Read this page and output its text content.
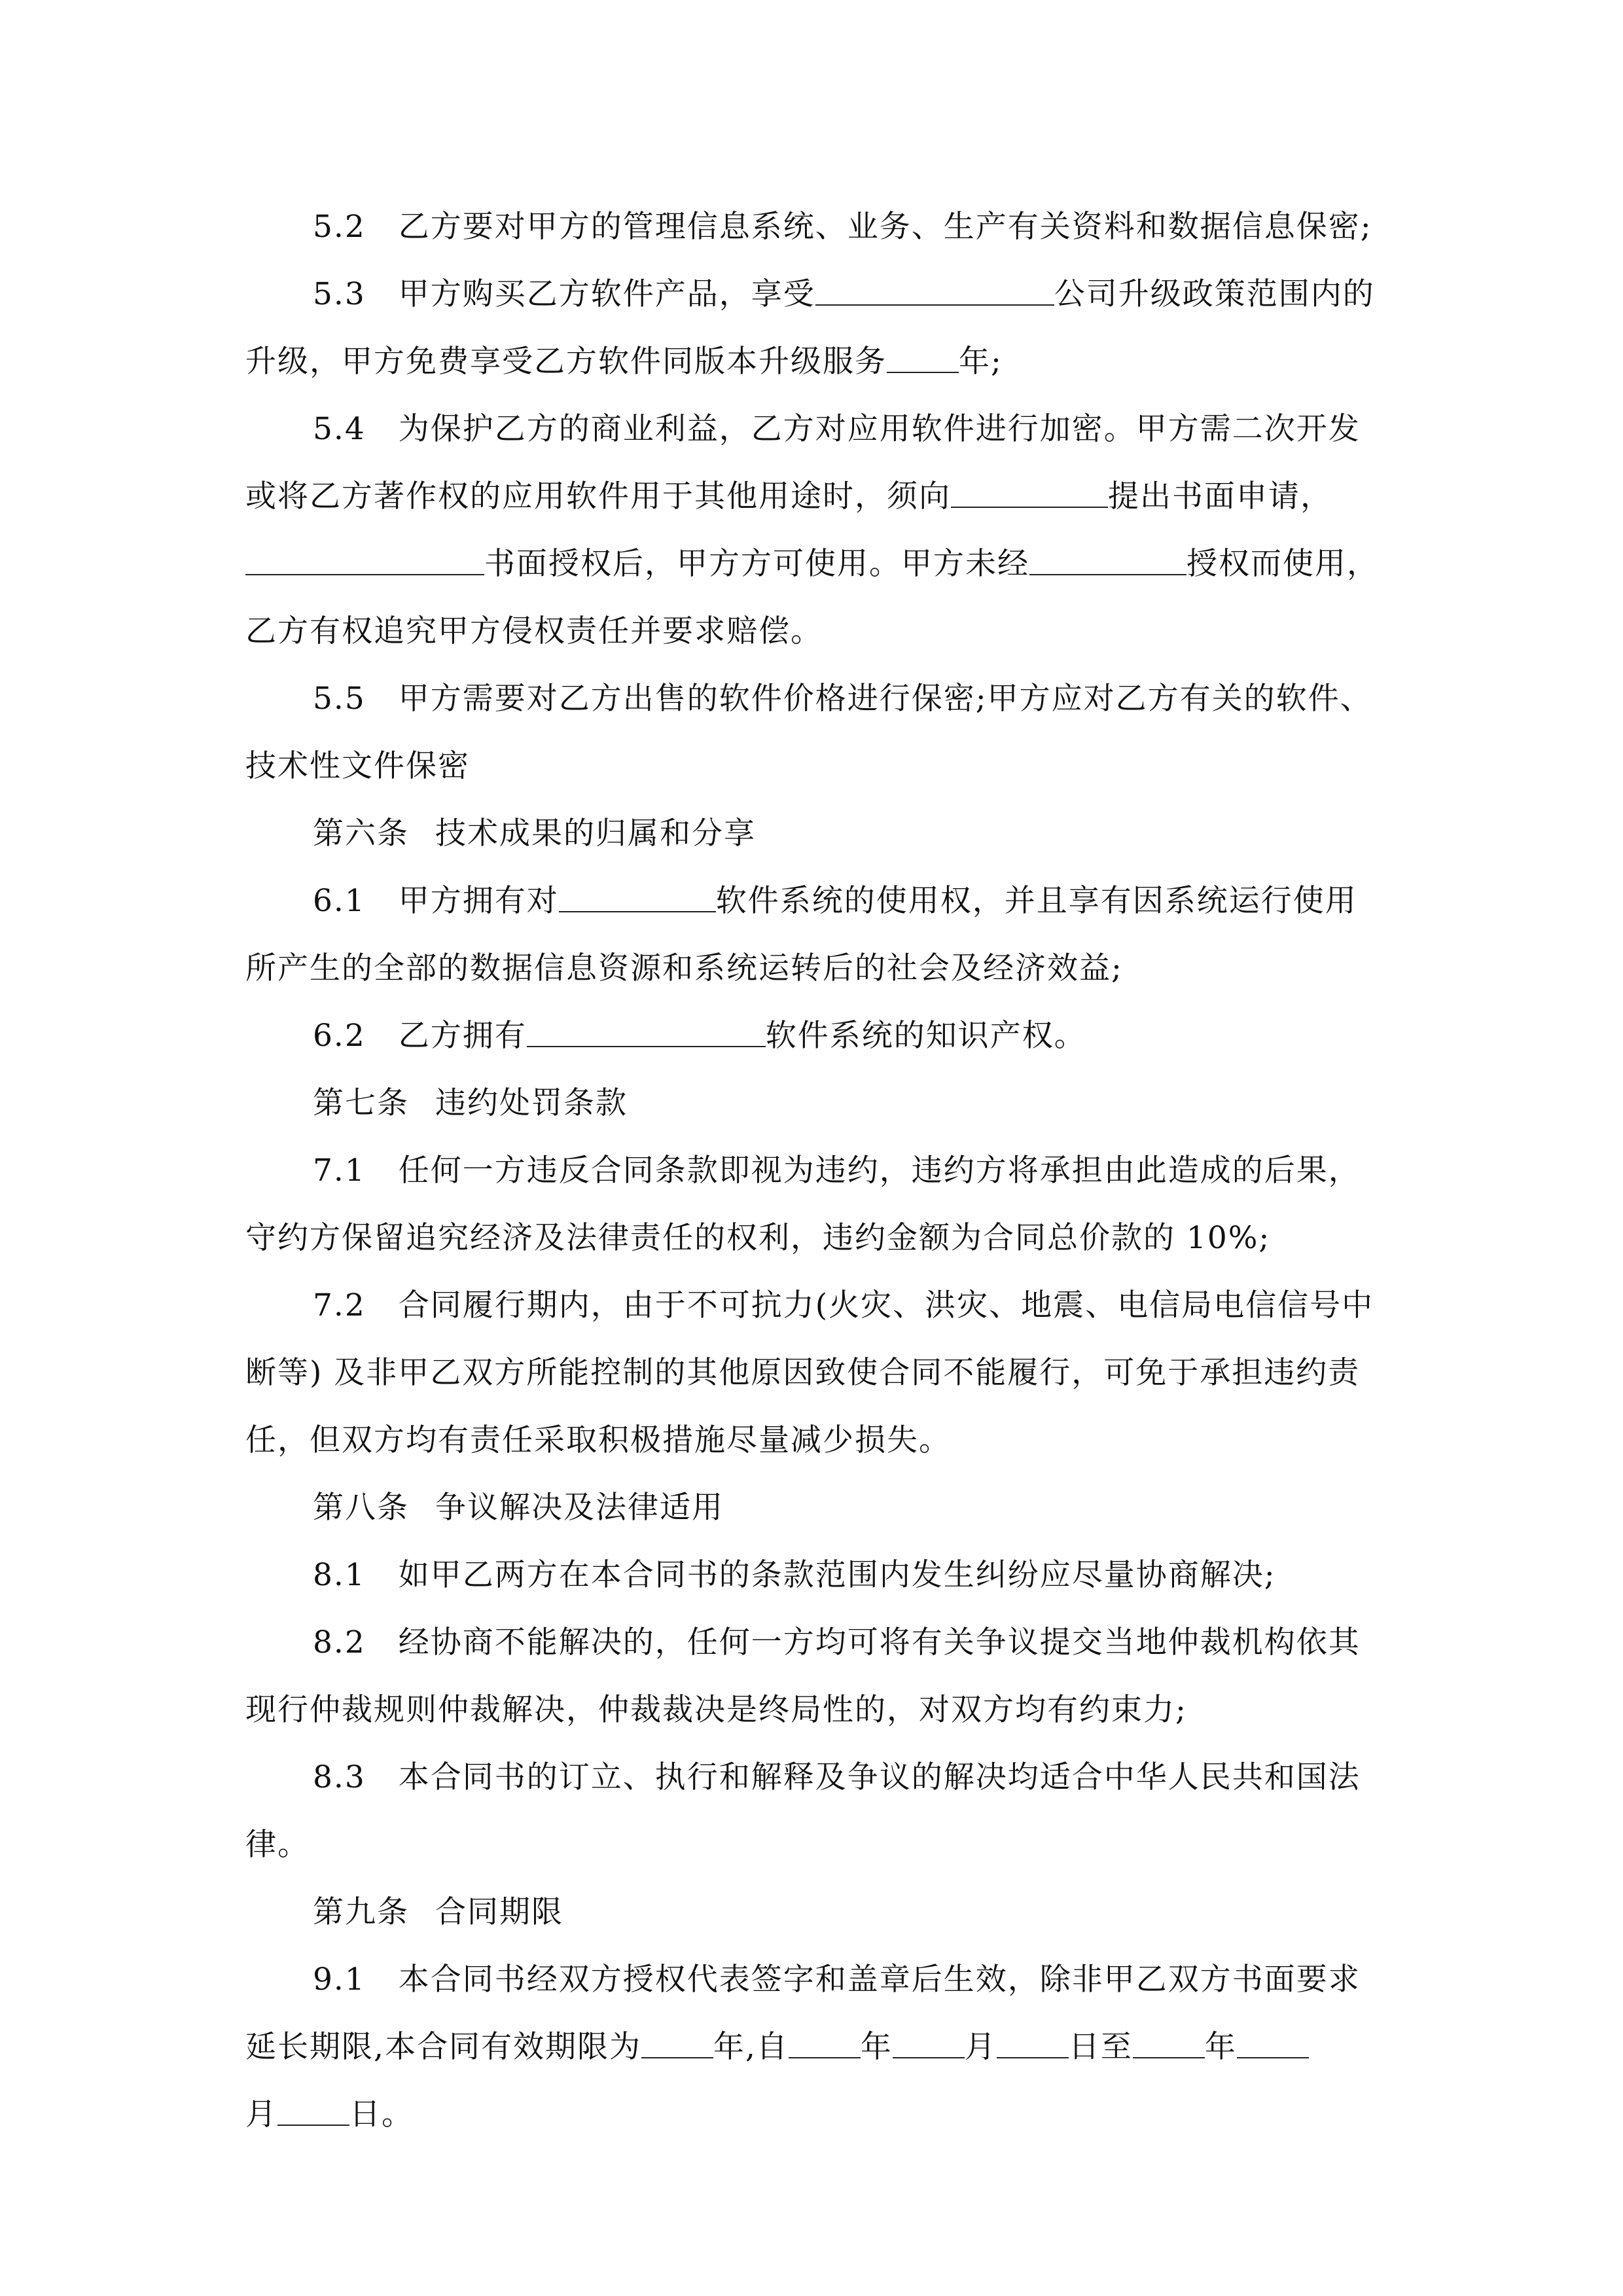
5.2 乙方要对甲方的管理信息系统、业务、生产有关资料和数据信息保密;
5.3 甲方购买乙方软件产品，享受	公司升级政策范围内的
升级，甲方免费享受乙方软件同版本升级服务 年;
5.4 为保护乙方的商业利益，乙方对应用软件进行加密。甲方需二次开发
或将乙方著作权的应用软件用于其他用途时，须向	提出书面申请，
书面授权后，甲方方可使用。甲方未经	授权而使用，
乙方有权追究甲方侵权责任并要求赔偿。
5.5 甲方需要对乙方出售的软件价格进行保密;甲方应对乙方有关的软件、
技术性文件保密
第六条 技术成果的归属和分享
6.1 甲方拥有对	软件系统的使用权，并且享有因系统运行使用
所产生的全部的数据信息资源和系统运转后的社会及经济效益;
6.2 乙方拥有	软件系统的知识产权。
第七条 违约处罚条款
7.1 任何一方违反合同条款即视为违约，违约方将承担由此造成的后果，
守约方保留追究经济及法律责任的权利，违约金额为合同总价款的 10%;
7.2 合同履行期内，由于不可抗力(火灾、洪灾、地震、电信局电信信号中
断等) 及非甲乙双方所能控制的其他原因致使合同不能履行，可免于承担违约责
任，但双方均有责任采取积极措施尽量减少损失。
第八条 争议解决及法律适用
8.1 如甲乙两方在本合同书的条款范围内发生纠纷应尽量协商解决;
8.2 经协商不能解决的，任何一方均可将有关争议提交当地仲裁机构依其
现行仲裁规则仲裁解决，仲裁裁决是终局性的，对双方均有约束力;
8.3 本合同书的订立、执行和解释及争议的解决均适合中华人民共和国法
律。
第九条 合同期限
9.1 本合同书经双方授权代表签字和盖章后生效，除非甲乙双方书面要求
延长期限,本合同有效期限为 年,自 年 月 日至 年
月 日。
